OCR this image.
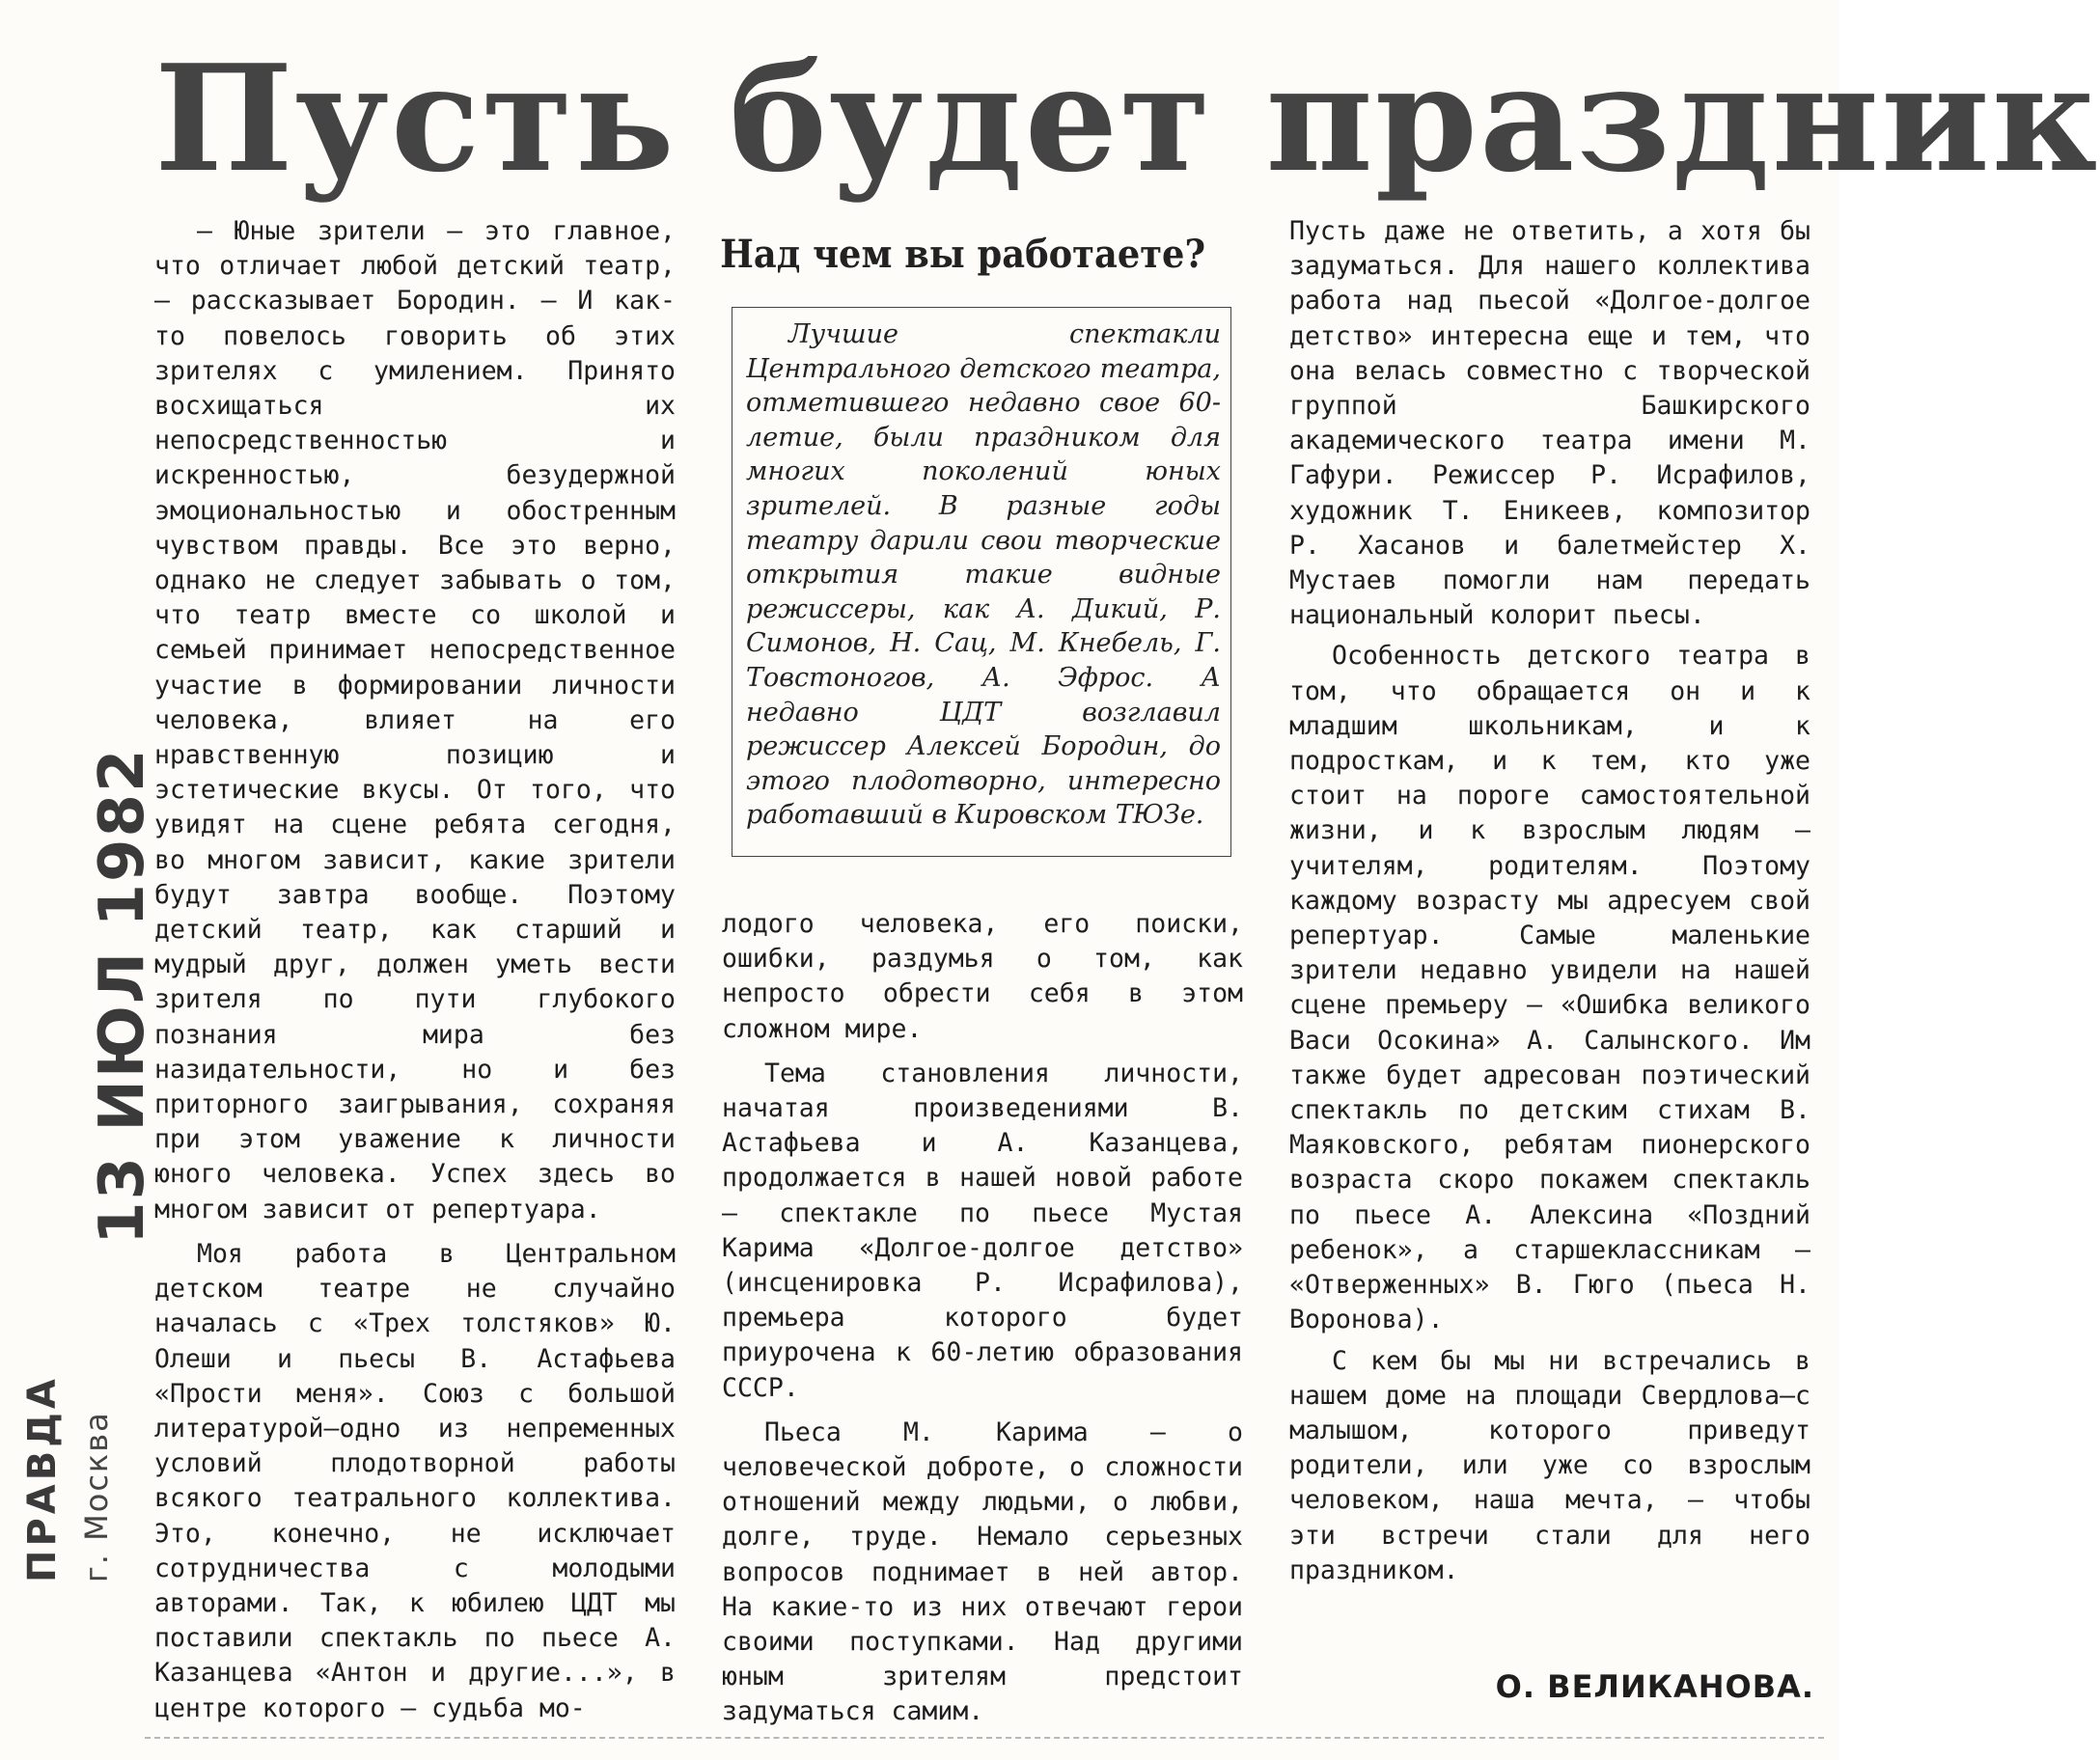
Пусть будет праздник

— Юные зрители — это главное, что отличает любой детский театр, — рассказывает Бородин. — И как-то повелось говорить об этих зрителях с умилением. Принято восхищаться их непосредственностью и искренностью, безудержной эмоциональностью и обостренным чувством правды. Все это верно, однако не следует забывать о том, что театр вместе со школой и семьей принимает непосредственное участие в формировании личности человека, влияет на его нравственную позицию и эстетические вкусы. От того, что увидят на сцене ребята сегодня, во многом зависит, какие зрители будут завтра вообще. Поэтому детский театр, как старший и мудрый друг, должен уметь вести зрителя по пути глубокого познания мира без назидательности, но и без приторного заигрывания, сохраняя при этом уважение к личности юного человека. Успех здесь во многом зависит от репертуара.

Моя работа в Центральном детском театре не случайно началась с «Трех толстяков» Ю. Олеши и пьесы В. Астафьева «Прости меня». Союз с большой литературой—одно из непременных условий плодотворной работы всякого театрального коллектива. Это, конечно, не исключает сотрудничества с молодыми авторами. Так, к юбилею ЦДТ мы поставили спектакль по пьесе А. Казанцева «Антон и другие...», в центре которого — судьба мо-

Над чем вы работаете?
Лучшие спектакли Центрального детского театра, отметившего недавно свое 60-летие, были праздником для многих поколений юных зрителей. В разные годы театру дарили свои творческие открытия такие видные режиссеры, как А. Дикий, Р. Симонов, Н. Сац, М. Кнебель, Г. Товстоногов, А. Эфрос. А недавно ЦДТ возглавил режиссер Алексей Бородин, до этого плодотворно, интересно работавший в Кировском ТЮЗе.

лодого человека, его поиски, ошибки, раздумья о том, как непросто обрести себя в этом сложном мире.

Тема становления личности, начатая произведениями В. Астафьева и А. Казанцева, продолжается в нашей новой работе — спектакле по пьесе Мустая Карима «Долгое-долгое детство» (инсценировка Р. Исрафилова), премьера которого будет приурочена к 60-летию образования СССР.

Пьеса М. Карима — о человеческой доброте, о сложности отношений между людьми, о любви, долге, труде. Немало серьезных вопросов поднимает в ней автор. На какие-то из них отвечают герои своими поступками. Над другими юным зрителям предстоит задуматься самим.

Пусть даже не ответить, а хотя бы задуматься. Для нашего коллектива работа над пьесой «Долгое-долгое детство» интересна еще и тем, что она велась совместно с творческой группой Башкирского академического театра имени М. Гафури. Режиссер Р. Исрафилов, художник Т. Еникеев, композитор Р. Хасанов и балетмейстер Х. Мустаев помогли нам передать национальный колорит пьесы.

Особенность детского театра в том, что обращается он и к младшим школьникам, и к подросткам, и к тем, кто уже стоит на пороге самостоятельной жизни, и к взрослым людям — учителям, родителям. Поэтому каждому возрасту мы адресуем свой репертуар. Самые маленькие зрители недавно увидели на нашей сцене премьеру — «Ошибка великого Васи Осокина» А. Салынского. Им также будет адресован поэтический спектакль по детским стихам В. Маяковского, ребятам пионерского возраста скоро покажем спектакль по пьесе А. Алексина «Поздний ребенок», а старшеклассникам — «Отверженных» В. Гюго (пьеса Н. Воронова).

С кем бы мы ни встречались в нашем доме на площади Свердлова—с малышом, которого приведут родители, или уже со взрослым человеком, наша мечта, — чтобы эти встречи стали для него праздником.

О. ВЕЛИКАНОВА.
13 ИЮЛ 1982
ПРАВДА г. Москва
